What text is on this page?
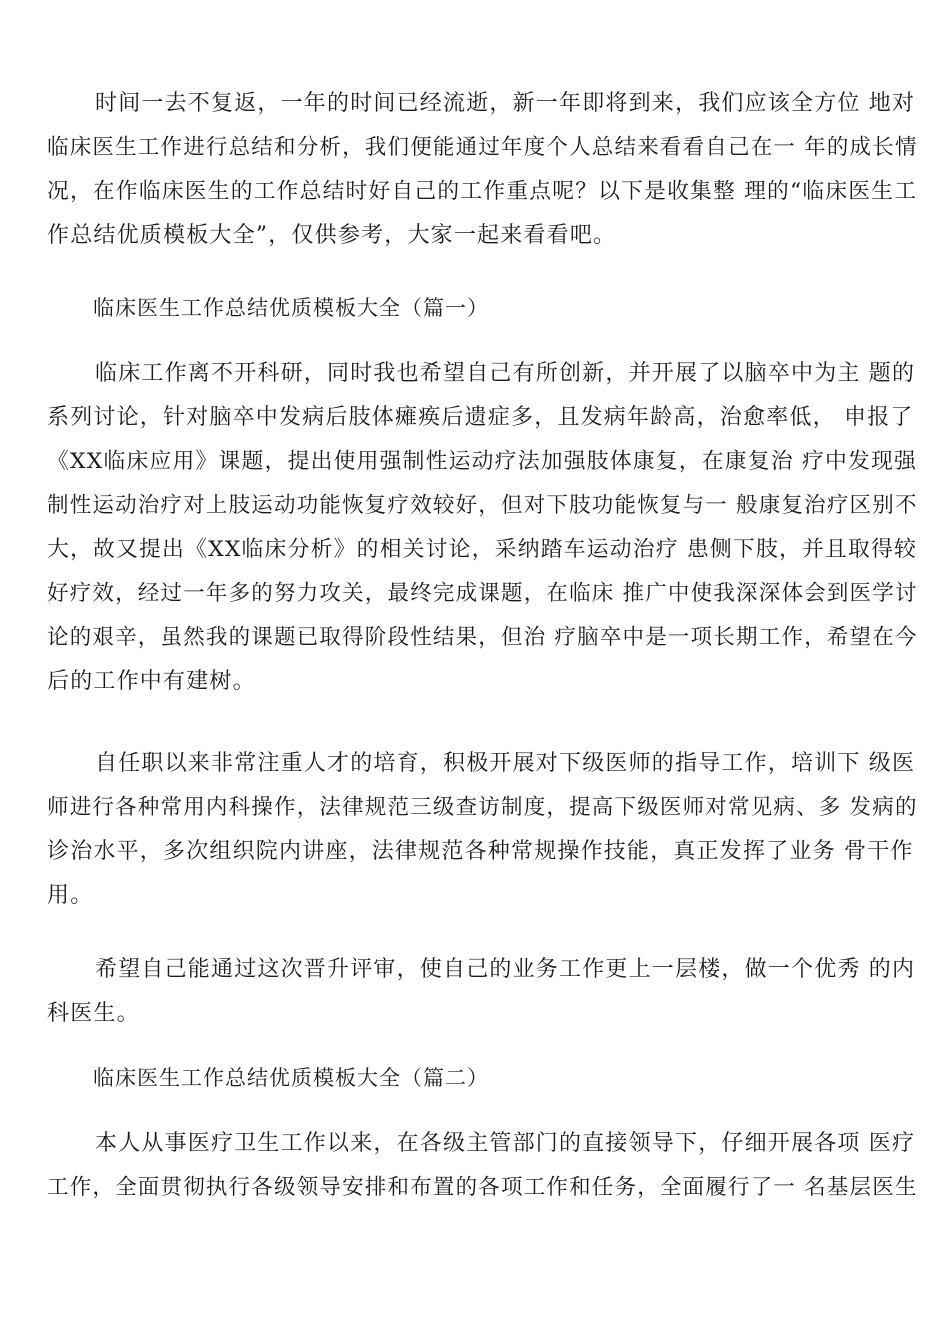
时间一去不复返，一年的时间已经流逝，新一年即将到来，我们应该全方位 地对
临床医生工作进行总结和分析，我们便能通过年度个人总结来看看自己在一 年的成长情
况，在作临床医生的工作总结时好自己的工作重点呢？以下是收集整 理的“临床医生工
作总结优质模板大全”，仅供参考，大家一起来看看吧。
临床医生工作总结优质模板大全（篇一）
临床工作离不开科研，同时我也希望自己有所创新，并开展了以脑卒中为主 题的
系列讨论，针对脑卒中发病后肢体瘫痪后遗症多，且发病年龄高，治愈率低， 申报了
《XX临床应用》课题，提出使用强制性运动疗法加强肢体康复，在康复治 疗中发现强
制性运动治疗对上肢运动功能恢复疗效较好，但对下肢功能恢复与一 般康复治疗区别不
大，故又提出《XX临床分析》的相关讨论，采纳踏车运动治疗 患侧下肢，并且取得较
好疗效，经过一年多的努力攻关，最终完成课题，在临床 推广中使我深深体会到医学讨
论的艰辛，虽然我的课题已取得阶段性结果，但治 疗脑卒中是一项长期工作，希望在今
后的工作中有建树。
自任职以来非常注重人才的培育，积极开展对下级医师的指导工作，培训下 级医
师进行各种常用内科操作，法律规范三级查访制度，提高下级医师对常见病、多 发病的
诊治水平，多次组织院内讲座，法律规范各种常规操作技能，真正发挥了业务 骨干作
用。
希望自己能通过这次晋升评审，使自己的业务工作更上一层楼，做一个优秀 的内
科医生。
临床医生工作总结优质模板大全（篇二）
本人从事医疗卫生工作以来，在各级主管部门的直接领导下，仔细开展各项 医疗
工作，全面贯彻执行各级领导安排和布置的各项工作和任务，全面履行了一 名基层医生
